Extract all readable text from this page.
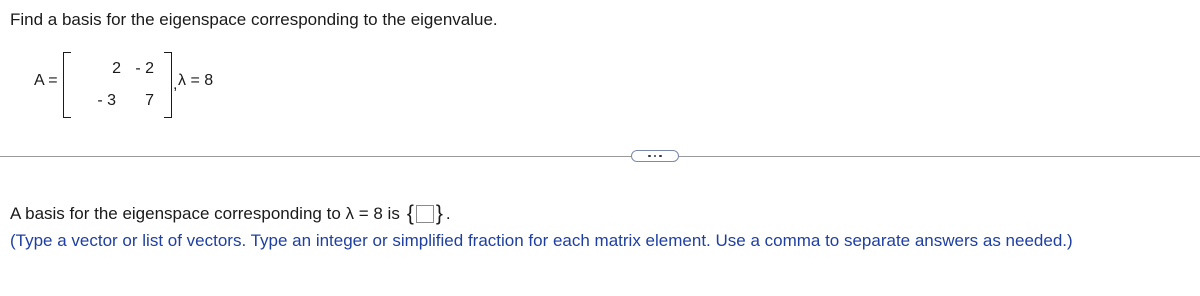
Find a basis for the eigenspace corresponding to the eigenvalue.
A =
2 - 2
- 3	7
, λ = 8
A basis for the eigenspace corresponding to λ = 8 is { } .
(Type a vector or list of vectors. Type an integer or simplified fraction for each matrix element. Use a comma to separate answers as needed.)
